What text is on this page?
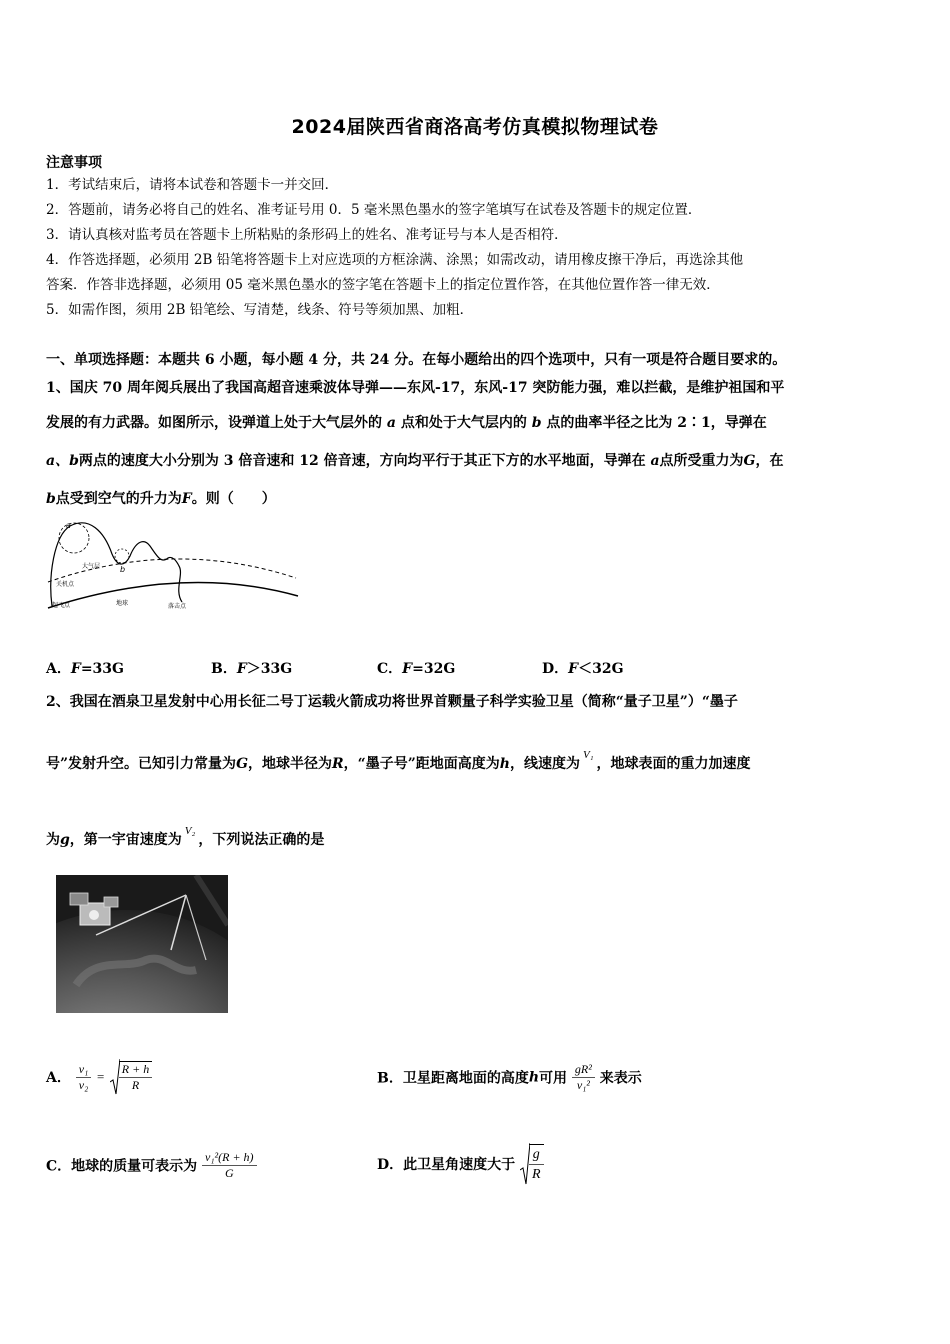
2024届陕西省商洛高考仿真模拟物理试卷
注意事项
1．考试结束后，请将本试卷和答题卡一并交回．
2．答题前，请务必将自己的姓名、准考证号用 0．5 毫米黑色墨水的签字笔填写在试卷及答题卡的规定位置．
3．请认真核对监考员在答题卡上所粘贴的条形码上的姓名、准考证号与本人是否相符．
4．作答选择题，必须用 2B 铅笔将答题卡上对应选项的方框涂满、涂黑；如需改动，请用橡皮擦干净后，再选涂其他
答案．作答非选择题，必须用 05 毫米黑色墨水的签字笔在答题卡上的指定位置作答，在其他位置作答一律无效．
5．如需作图，须用 2B 铅笔绘、写清楚，线条、符号等须加黑、加粗．
一、单项选择题：本题共 6 小题，每小题 4 分，共 24 分。在每小题给出的四个选项中，只有一项是符合题目要求的。
1、国庆 70 周年阅兵展出了我国高超音速乘波体导弹——东风-17，东风-17 突防能力强，难以拦截，是维护祖国和平
发展的有力武器。如图所示，设弹道上处于大气层外的 a 点和处于大气层内的 b 点的曲率半径之比为 2∶1，导弹在
a、b两点的速度大小分别为 3 倍音速和 12 倍音速，方向均平行于其正下方的水平地面，导弹在 a点所受重力为G，在
b点受到空气的升力为F。则（　　）
a
b
大气层
关机点
起飞点	地球	落击点
A．F=33G	B．F＞33G	C．F=32G	D．F＜32G
2、我国在酒泉卫星发射中心用长征二号丁运载火箭成功将世界首颗量子科学实验卫星（简称“量子卫星”）“墨子
号”发射升空。已知引力常量为G，地球半径为R，“墨子号”距地面高度为h，线速度为$^{V_1}$，地球表面的重力加速度
为g，第一宇宙速度为$^{V_2}$，下列说法正确的是
A． $\frac{\text{v₁}}{\text{v₂}} = \frac{R + h}{R}$	B．卫星距离地面的高度h可用 $\frac{\text{gR²}}{\text{v₁²}}$ 来表示
C．地球的质量可表示为 $\frac{\text{v₁²(R + h)}}{G}$	D．此卫星角速度大于 $\frac{g}{R}$
